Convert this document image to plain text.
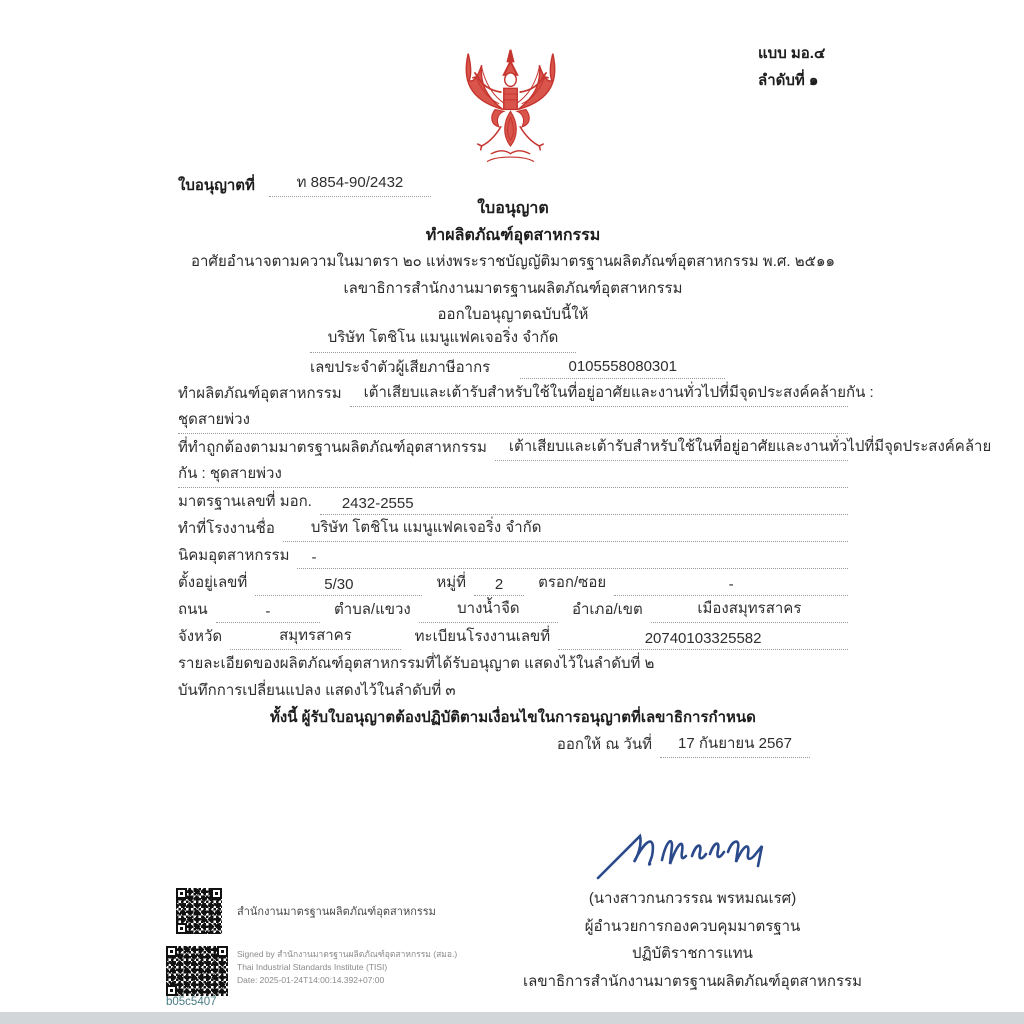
แบบ มอ.๔
ลำดับที่ ๑
ใบอนุญาตที่	ท 8854-90/2432
ใบอนุญาต
ทำผลิตภัณฑ์อุตสาหกรรม
อาศัยอำนาจตามความในมาตรา ๒๐ แห่งพระราชบัญญัติมาตรฐานผลิตภัณฑ์อุตสาหกรรม พ.ศ. ๒๕๑๑
เลขาธิการสำนักงานมาตรฐานผลิตภัณฑ์อุตสาหกรรม
ออกใบอนุญาตฉบับนี้ให้
บริษัท โตชิโน แมนูแฟคเจอริ่ง จำกัด
เลขประจำตัวผู้เสียภาษีอากร	0105558080301
ทำผลิตภัณฑ์อุตสาหกรรม	เต้าเสียบและเต้ารับสำหรับใช้ในที่อยู่อาศัยและงานทั่วไปที่มีจุดประสงค์คล้ายกัน :
ชุดสายพ่วง
ที่ทำถูกต้องตามมาตรฐานผลิตภัณฑ์อุตสาหกรรม	เต้าเสียบและเต้ารับสำหรับใช้ในที่อยู่อาศัยและงานทั่วไปที่มีจุดประสงค์คล้าย
กัน : ชุดสายพ่วง
มาตรฐานเลขที่ มอก.	2432-2555
ทำที่โรงงานชื่อ	บริษัท โตชิโน แมนูแฟคเจอริ่ง จำกัด
นิคมอุตสาหกรรม	-
ตั้งอยู่เลขที่	5/30	หมู่ที่	2	ตรอก/ซอย	-
ถนน	-	ตำบล/แขวง	บางน้ำจืด	อำเภอ/เขต	เมืองสมุทรสาคร
จังหวัด	สมุทรสาคร	ทะเบียนโรงงานเลขที่	20740103325582
รายละเอียดของผลิตภัณฑ์อุตสาหกรรมที่ได้รับอนุญาต แสดงไว้ในลำดับที่ ๒
บันทึกการเปลี่ยนแปลง แสดงไว้ในลำดับที่ ๓
ทั้งนี้ ผู้รับใบอนุญาตต้องปฏิบัติตามเงื่อนไขในการอนุญาตที่เลขาธิการกำหนด
ออกให้ ณ วันที่	17 กันยายน 2567
(นางสาวกนกวรรณ พรหมณเรศ)
ผู้อำนวยการกองควบคุมมาตรฐาน
ปฏิบัติราชการแทน
เลขาธิการสำนักงานมาตรฐานผลิตภัณฑ์อุตสาหกรรม
สำนักงานมาตรฐานผลิตภัณฑ์อุตสาหกรรม
Signed by สำนักงานมาตรฐานผลิตภัณฑ์อุตสาหกรรม (สมอ.)
Thai Industrial Standards Institute (TISI)
Date: 2025-01-24T14:00:14.392+07:00
b05c5407
